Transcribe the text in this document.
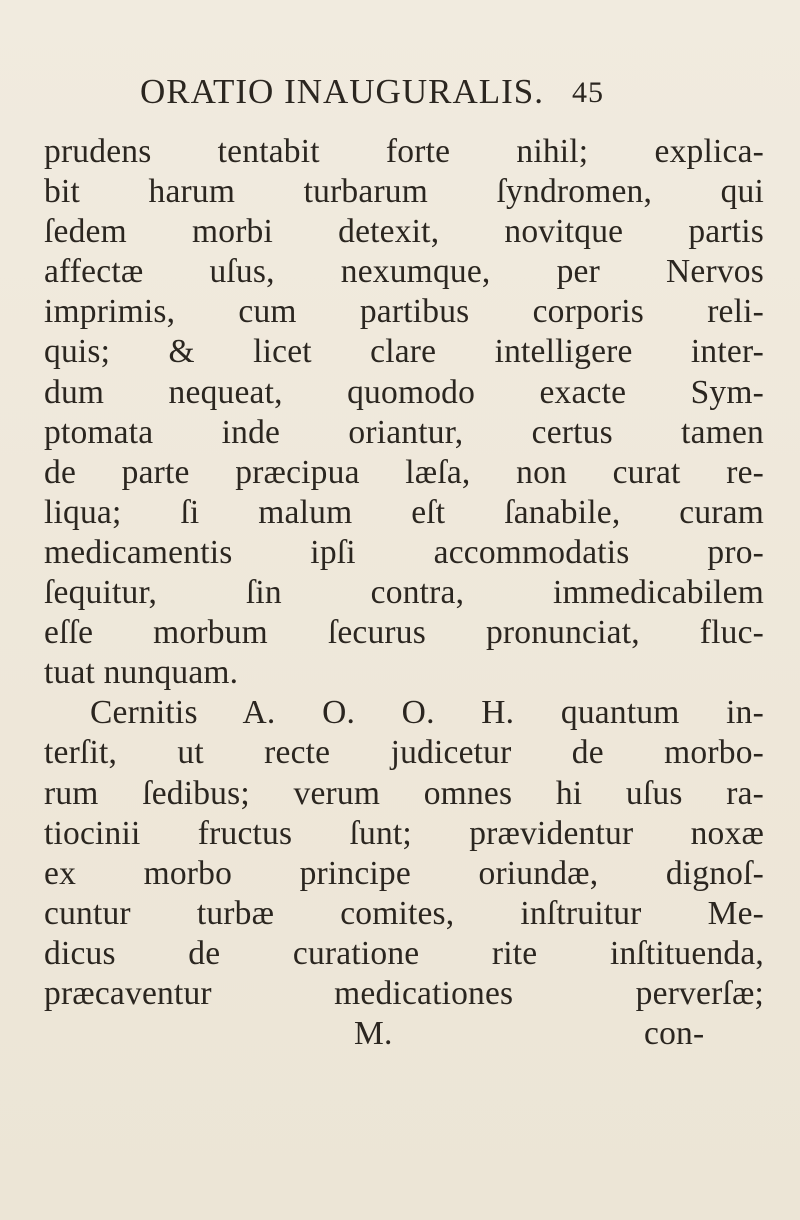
ORATIO INAUGURALIS. 45
prudens tentabit forte nihil; explica-
bit harum turbarum ſyndromen, qui
ſedem morbi detexit, novitque partis
affectæ uſus, nexumque, per Nervos
imprimis, cum partibus corporis reli-
quis; & licet clare intelligere inter-
dum nequeat, quomodo exacte Sym-
ptomata inde oriantur, certus tamen
de parte præcipua læſa, non curat re-
liqua; ſi malum eſt ſanabile, curam
medicamentis ipſi accommodatis pro-
ſequitur, ſin contra, immedicabilem
eſſe morbum ſecurus pronunciat, fluc-
tuat nunquam.
Cernitis A. O. O. H. quantum in-
terſit, ut recte judicetur de morbo-
rum ſedibus; verum omnes hi uſus ra-
tiocinii fructus ſunt; prævidentur noxæ
ex morbo principe oriundæ, dignoſ-
cuntur turbæ comites, inſtruitur Me-
dicus de curatione rite inſtituenda,
præcaventur medicationes perverſæ;
M.	con-
